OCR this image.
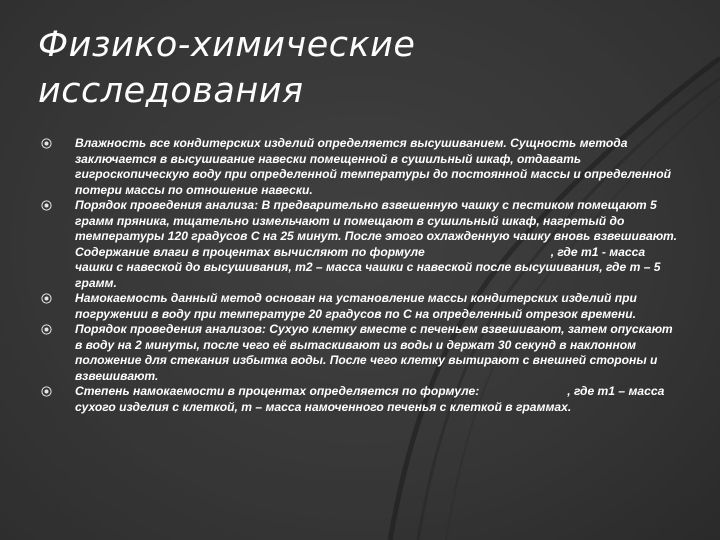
Физико-химические
исследования
Влажность все кондитерских изделий определяется высушиванием. Сущность метода заключается в высушивание навески помещенной в сушильный шкаф, отдавать гигроскопическую воду при определенной температуры до постоянной массы и определенной потери массы по отношение навески.
Порядок проведения анализа: В предварительно взвешенную чашку с пестиком помещают 5 грамм пряника, тщательно измельчают и помещают в сушильный шкаф, нагретый до температуры 120 градусов С на 25 минут. После этого охлажденную чашку вновь взвешивают. Содержание влаги в процентах вычисляют по формуле	, где m1 - масса чашки с навеской до высушивания, m2 – масса чашки с навеской после высушивания, где m – 5 грамм.
Намокаемость данный метод основан на установление массы кондитерских изделий при погружении в воду при температуре 20 градусов по С на определенный отрезок времени.
Порядок проведения анализов: Сухую клетку вместе с печеньем взвешивают, затем опускают в воду на 2 минуты, после чего её вытаскивают из воды и держат 30 секунд в наклонном положение для стекания избытка воды. После чего клетку вытирают с внешней стороны и взвешивают.
Степень намокаемости в процентах определяется по формуле:	, где m1 – масса сухого изделия с клеткой, m – масса намоченного печенья с клеткой в граммах.
